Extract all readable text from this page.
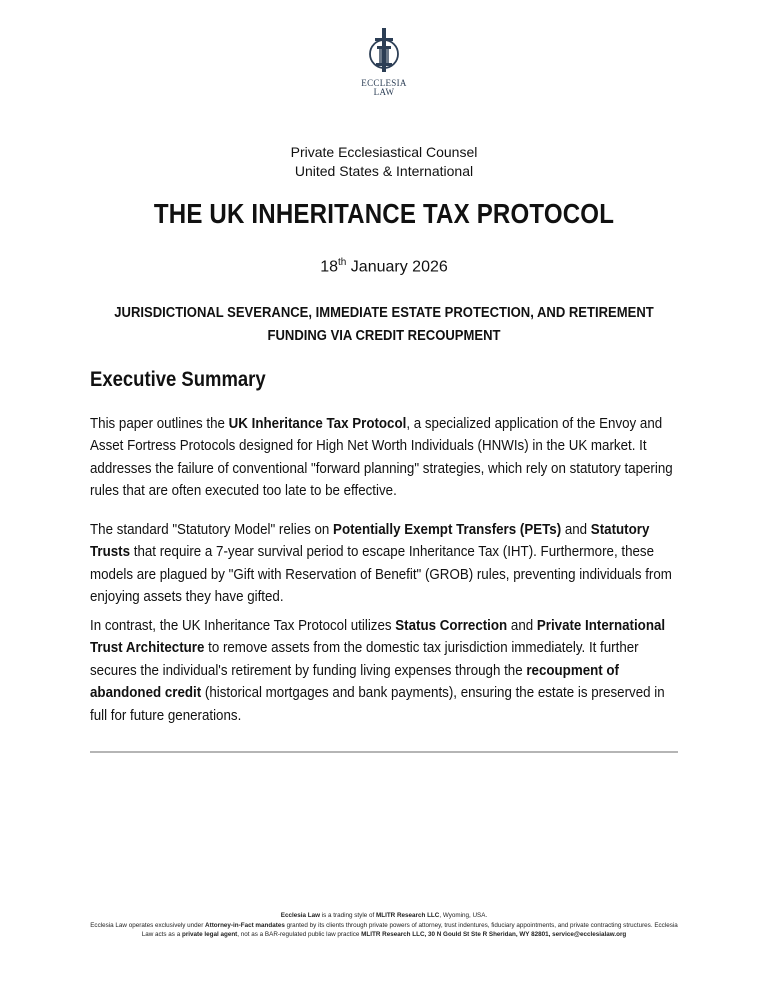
ECCLESIA
LAW
Private Ecclesiastical Counsel
United States & International
THE UK INHERITANCE TAX PROTOCOL
18th January 2026
JURISDICTIONAL SEVERANCE, IMMEDIATE ESTATE PROTECTION, AND RETIREMENT
FUNDING VIA CREDIT RECOUPMENT
Executive Summary
This paper outlines the UK Inheritance Tax Protocol, a specialized application of the Envoy and Asset Fortress Protocols designed for High Net Worth Individuals (HNWIs) in the UK market. It addresses the failure of conventional "forward planning" strategies, which rely on statutory tapering rules that are often executed too late to be effective.
The standard "Statutory Model" relies on Potentially Exempt Transfers (PETs) and Statutory Trusts that require a 7-year survival period to escape Inheritance Tax (IHT). Furthermore, these models are plagued by "Gift with Reservation of Benefit" (GROB) rules, preventing individuals from enjoying assets they have gifted.
In contrast, the UK Inheritance Tax Protocol utilizes Status Correction and Private International Trust Architecture to remove assets from the domestic tax jurisdiction immediately. It further secures the individual's retirement by funding living expenses through the recoupment of abandoned credit (historical mortgages and bank payments), ensuring the estate is preserved in full for future generations.
Ecclesia Law is a trading style of MLITR Research LLC, Wyoming, USA.
Ecclesia Law operates exclusively under Attorney-in-Fact mandates granted by its clients through private powers of attorney, trust indentures, fiduciary appointments, and private contracting structures. Ecclesia Law acts as a private legal agent, not as a BAR-regulated public law practice MLITR Research LLC, 30 N Gould St Ste R Sheridan, WY 82801, service@ecclesialaw.org
